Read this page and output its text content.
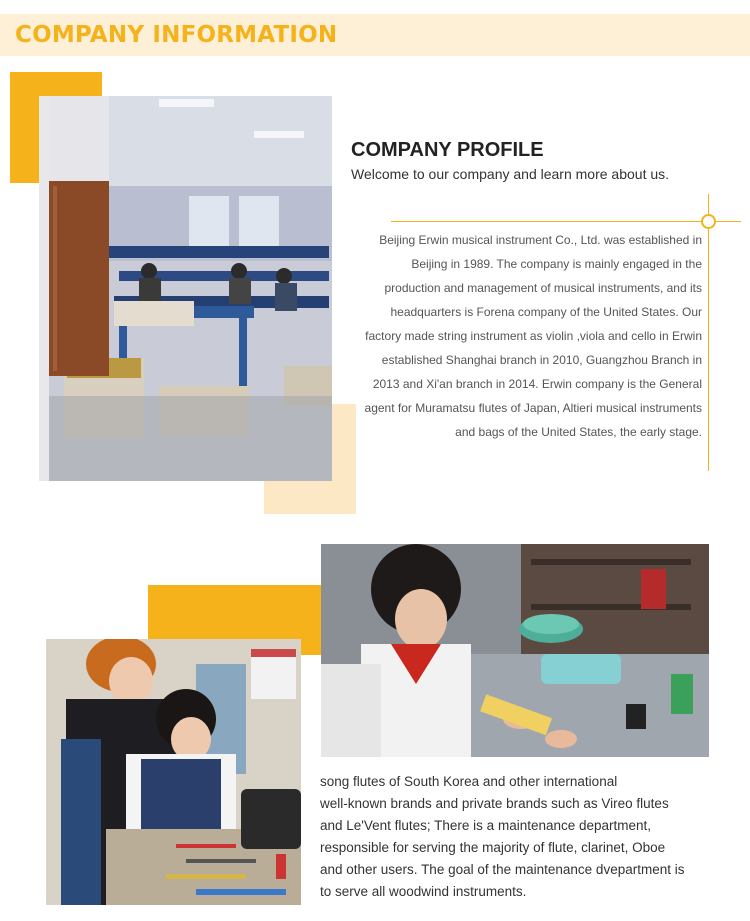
COMPANY INFORMATION
COMPANY PROFILE
Welcome to our company and learn more about us.
Beijing Erwin musical instrument Co., Ltd. was established in
Beijing in 1989. The company is mainly engaged in the
production and management of musical instruments, and its
headquarters is Forena company of the United States. Our
factory made string instrument as violin ,viola and cello in Erwin
established Shanghai branch in 2010, Guangzhou Branch in
2013 and Xi'an branch in 2014. Erwin company is the General
agent for Muramatsu flutes of Japan, Altieri musical instruments
and bags of the United States, the early stage.
song flutes of South Korea and other international
well-known brands and private brands such as Vireo flutes
and Le'Vent flutes; There is a maintenance department,
responsible for serving the majority of flute, clarinet, Oboe
and other users. The goal of the maintenance dvepartment is
to serve all woodwind instruments.
